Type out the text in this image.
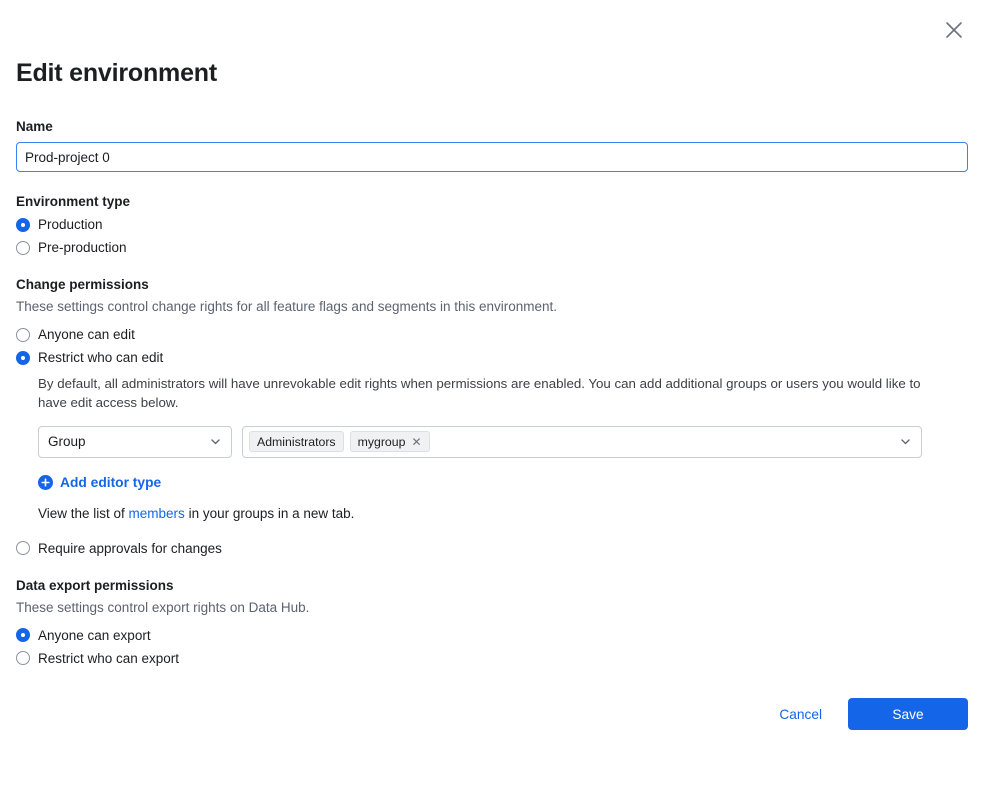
Edit environment
Name
Prod-project 0
Environment type
Production
Pre-production
Change permissions
These settings control change rights for all feature flags and segments in this environment.
Anyone can edit
Restrict who can edit
By default, all administrators will have unrevokable edit rights when permissions are enabled. You can add additional groups or users you would like to have edit access below.
Group	Administrators mygroup ✕
Add editor type
View the list of members in your groups in a new tab.
Require approvals for changes
Data export permissions
These settings control export rights on Data Hub.
Anyone can export
Restrict who can export
Cancel	Save
